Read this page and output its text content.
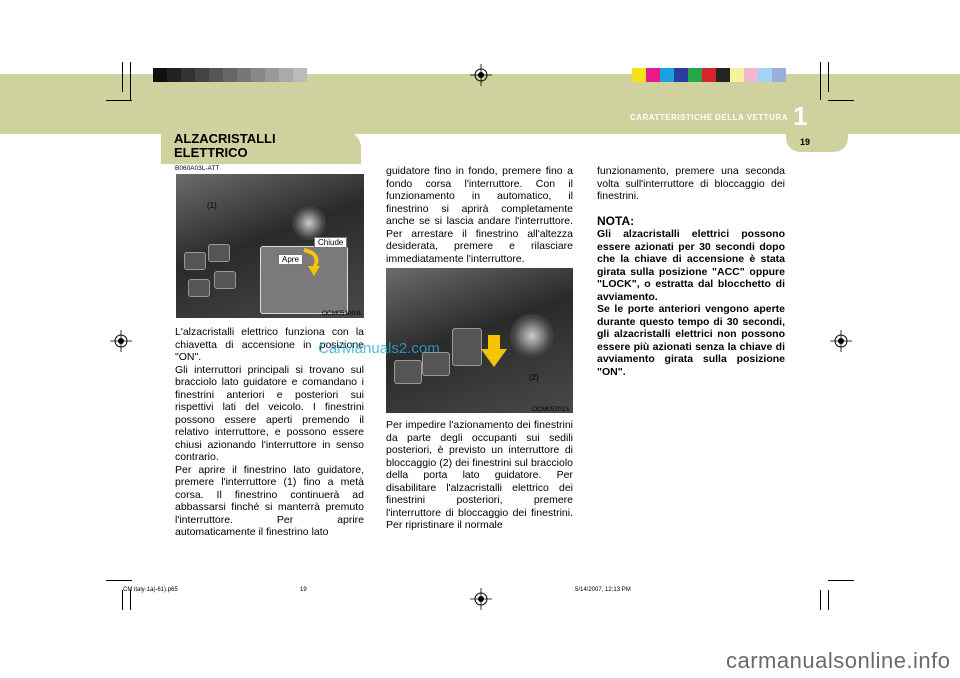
CARATTERISTICHE DELLA VETTURA 1
19
ALZACRISTALLI
ELETTRICO
B060A03L-ATT
(1)
Chiude
Apre
OCM051003L
L'alzacristalli elettrico funziona con la chiavetta di accensione in posizione "ON".
Gli interruttori principali si trovano sul bracciolo lato guidatore e comandano i finestrini anteriori e posteriori sui rispettivi lati del veicolo. I finestrini possono essere aperti premendo il relativo interruttore, e possono essere chiusi azionando l'interruttore in senso contrario.
Per aprire il finestrino lato guidatore, premere l'interruttore (1) fino a metà corsa. Il finestrino continuerà ad abbassarsi finché si manterrà premuto l'interruttore. Per aprire automaticamente il finestrino lato
guidatore fino in fondo, premere fino a fondo corsa l'interruttore. Con il funzionamento in automatico, il finestrino si aprirà completamente anche se si lascia andare l'interruttore. Per arrestare il finestrino all'altezza desiderata, premere e rilasciare immediatamente l'interruttore.
(2)
OCM052013
Per impedire l'azionamento dei finestrini da parte degli occupanti sui sedili posteriori, è previsto un interruttore di bloccaggio (2) dei finestrini sul bracciolo della porta lato guidatore. Per disabilitare l'alzacristalli elettrico dei finestrini posteriori, premere l'interruttore di bloccaggio dei finestrini. Per ripristinare il normale
funzionamento, premere una seconda volta sull'interruttore di bloccaggio dei finestrini.
NOTA:
Gli alzacristalli elettrici possono essere azionati per 30 secondi dopo che la chiave di accensione è stata girata sulla posizione "ACC" oppure "LOCK", o estratta dal blocchetto di avviamento.
Se le porte anteriori vengono aperte durante questo tempo di 30 secondi, gli alzacristalli elettrici non possono essere più azionati senza la chiave di avviamento girata sulla posizione "ON".
CM italy-1a(-61).p65	19	5/14/2007, 12:13 PM
CarManuals2.com
carmanualsonline.info
